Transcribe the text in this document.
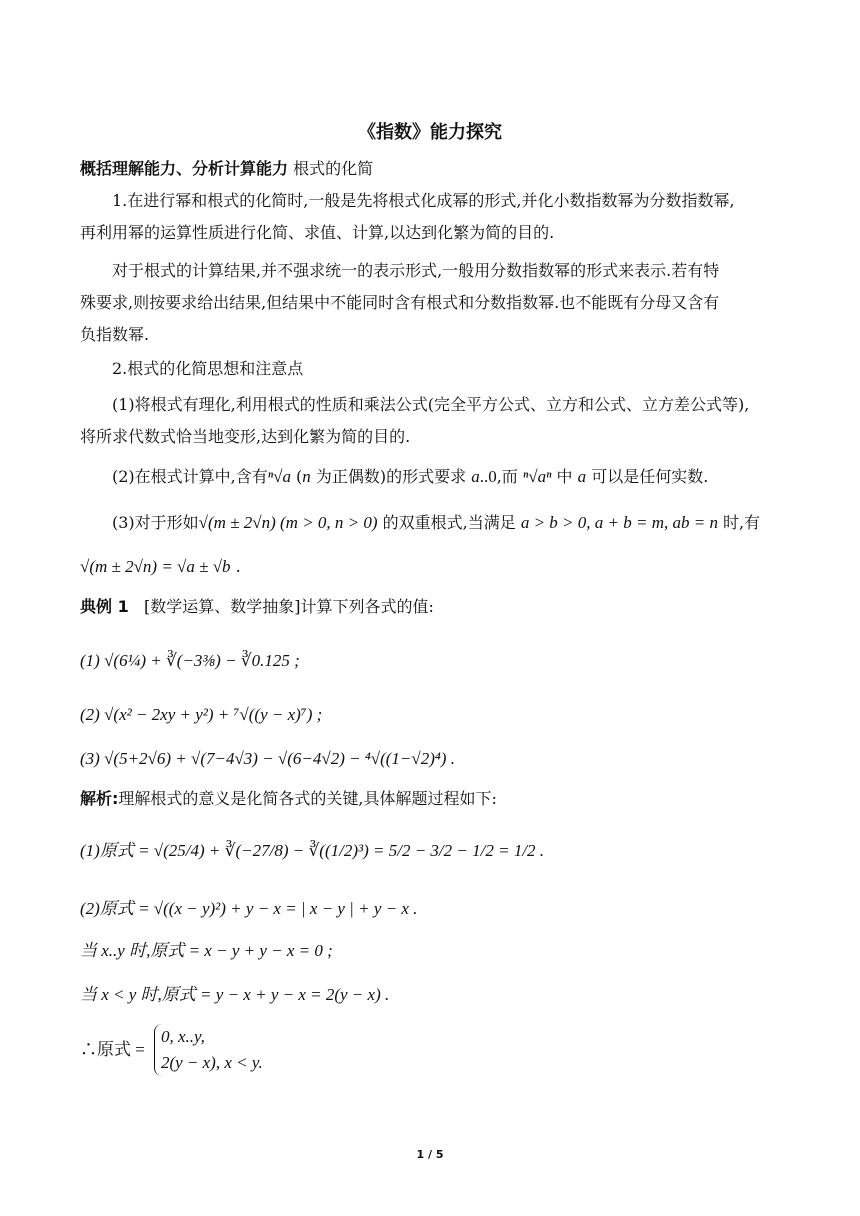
《指数》能力探究
概括理解能力、分析计算能力 根式的化简
1.在进行幂和根式的化简时,一般是先将根式化成幂的形式,并化小数指数幂为分数指数幂,
再利用幂的运算性质进行化简、求值、计算,以达到化繁为简的目的.
对于根式的计算结果,并不强求统一的表示形式,一般用分数指数幂的形式来表示.若有特
殊要求,则按要求给出结果,但结果中不能同时含有根式和分数指数幂.也不能既有分母又含有
负指数幂.
2.根式的化简思想和注意点
(1)将根式有理化,利用根式的性质和乘法公式(完全平方公式、立方和公式、立方差公式等),
将所求代数式恰当地变形,达到化繁为简的目的.
(2)在根式计算中,含有ⁿ√a (n 为正偶数)的形式要求 a..0,而 ⁿ√aⁿ 中 a 可以是任何实数.
(3)对于形如√(m ± 2√n) (m > 0, n > 0) 的双重根式,当满足 a > b > 0, a + b = m, ab = n 时,有
√(m ± 2√n) = √a ± √b .
典例 1 [数学运算、数学抽象]计算下列各式的值:
(1) √(6¼) + ∛(−3⅜) − ∛0.125 ;
(2) √(x² − 2xy + y²) + ⁷√((y − x)⁷) ;
(3) √(5+2√6) + √(7−4√3) − √(6−4√2) − ⁴√((1−√2)⁴) .
解析:理解根式的意义是化简各式的关键,具体解题过程如下:
(1)原式 = √(25/4) + ∛(−27/8) − ∛((1/2)³) = 5/2 − 3/2 − 1/2 = 1/2 .
(2)原式 = √((x − y)²) + y − x = | x − y | + y − x .
当 x..y 时,原式 = x − y + y − x = 0 ;
当 x < y 时,原式 = y − x + y − x = 2(y − x) .
∴原式 =
0, x..y,
2(y − x), x < y.
1 / 5
